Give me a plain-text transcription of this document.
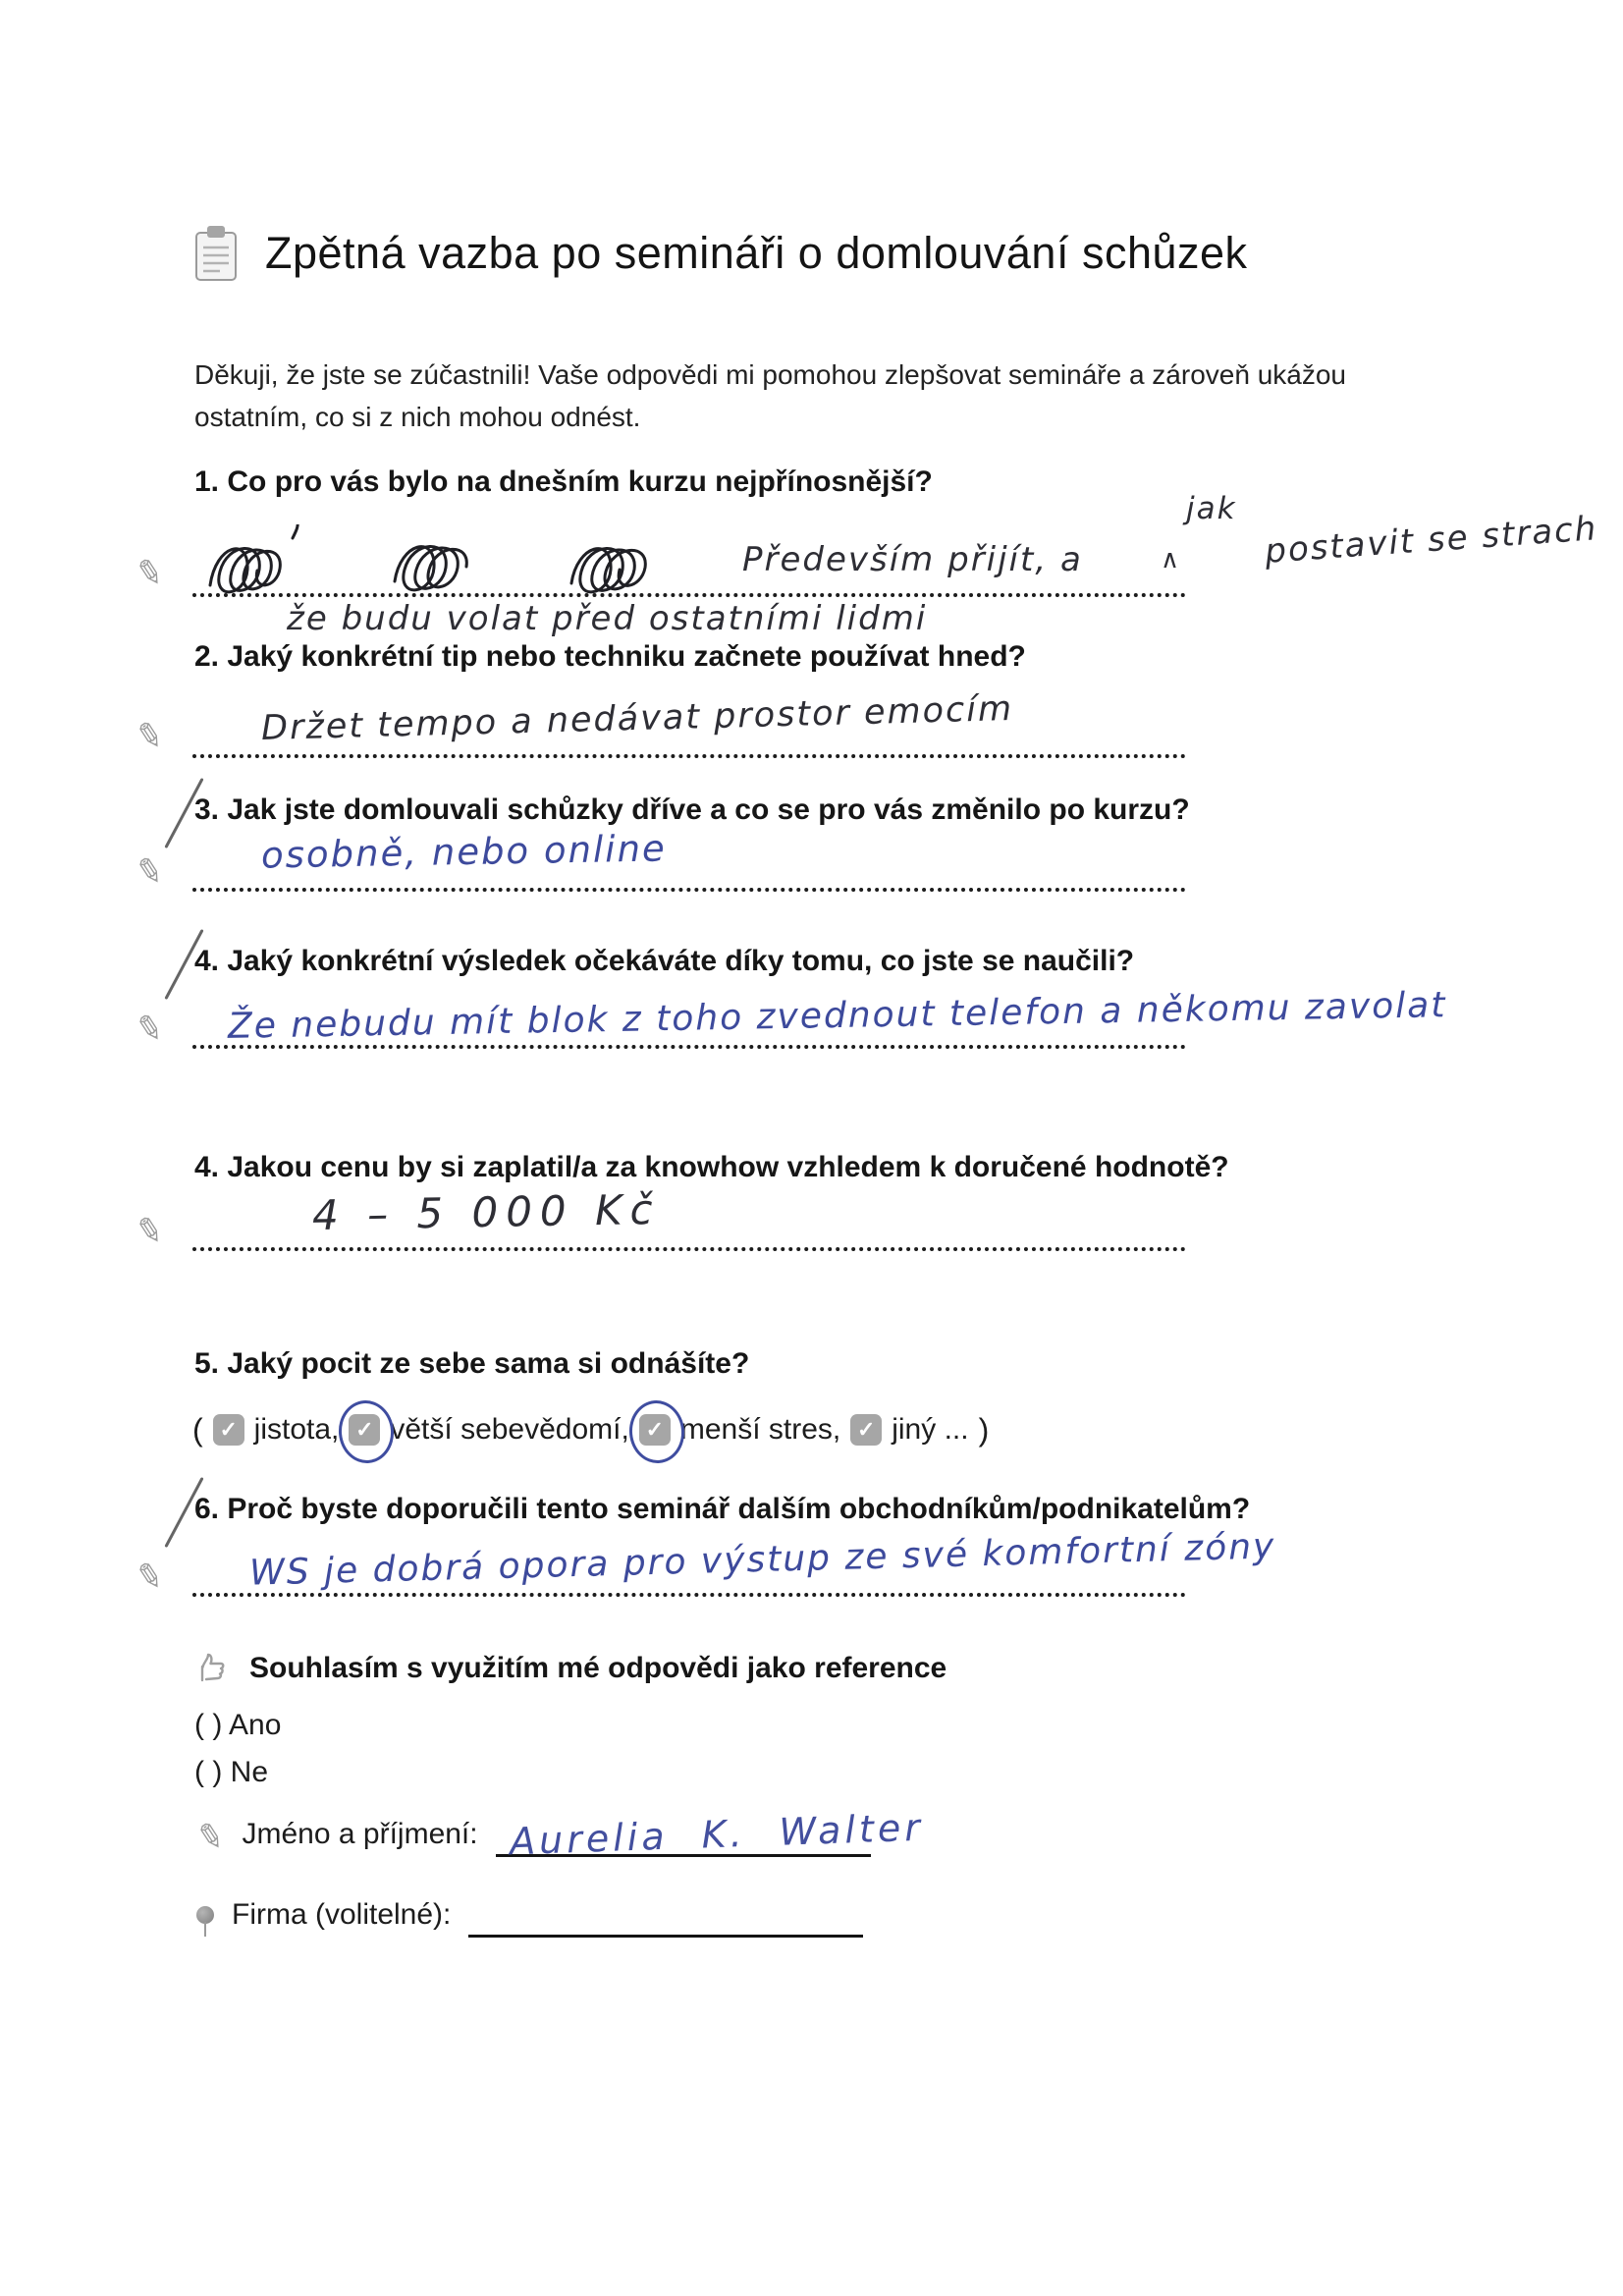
Zpětná vazba po semináři o domlouvání schůzek

Děkuji, že jste se zúčastnili! Vaše odpovědi mi pomohou zlepšovat semináře a zároveň ukážou ostatním, co si z nich mohou odnést.

1. Co pro vás bylo na dnešním kurzu nejpřínosnější?
✎	Především přijít, a
jak
∧
postavit se strach
že budu volat před ostatními lidmi
2. Jaký konkrétní tip nebo techniku začnete používat hned?
✎	Držet tempo a nedávat prostor emocím
3. Jak jste domlouvali schůzky dříve a co se pro vás změnilo po kurzu?
✎	osobně, nebo online
4. Jaký konkrétní výsledek očekáváte díky tomu, co jste se naučili?
✎ Že nebudu mít blok z toho zvednout telefon a někomu zavolat
4. Jakou cenu by si zaplatil/a za knowhow vzhledem k doručené hodnotě?
✎	4 – 5 000 Kč
5. Jaký pocit ze sebe sama si odnášíte?
( ✓ jistota, ✓ větší sebevědomí, ✓ menší stres, ✓ jiný ... )
6. Proč byste doporučili tento seminář dalším obchodníkům/podnikatelům?
✎ WS je dobrá opora pro výstup ze své komfortní zóny
Souhlasím s využitím mé odpovědi jako reference
( ) Ano
( ) Ne
✎ Jméno a příjmení: Aurelia K. Walter
Firma (volitelné):
